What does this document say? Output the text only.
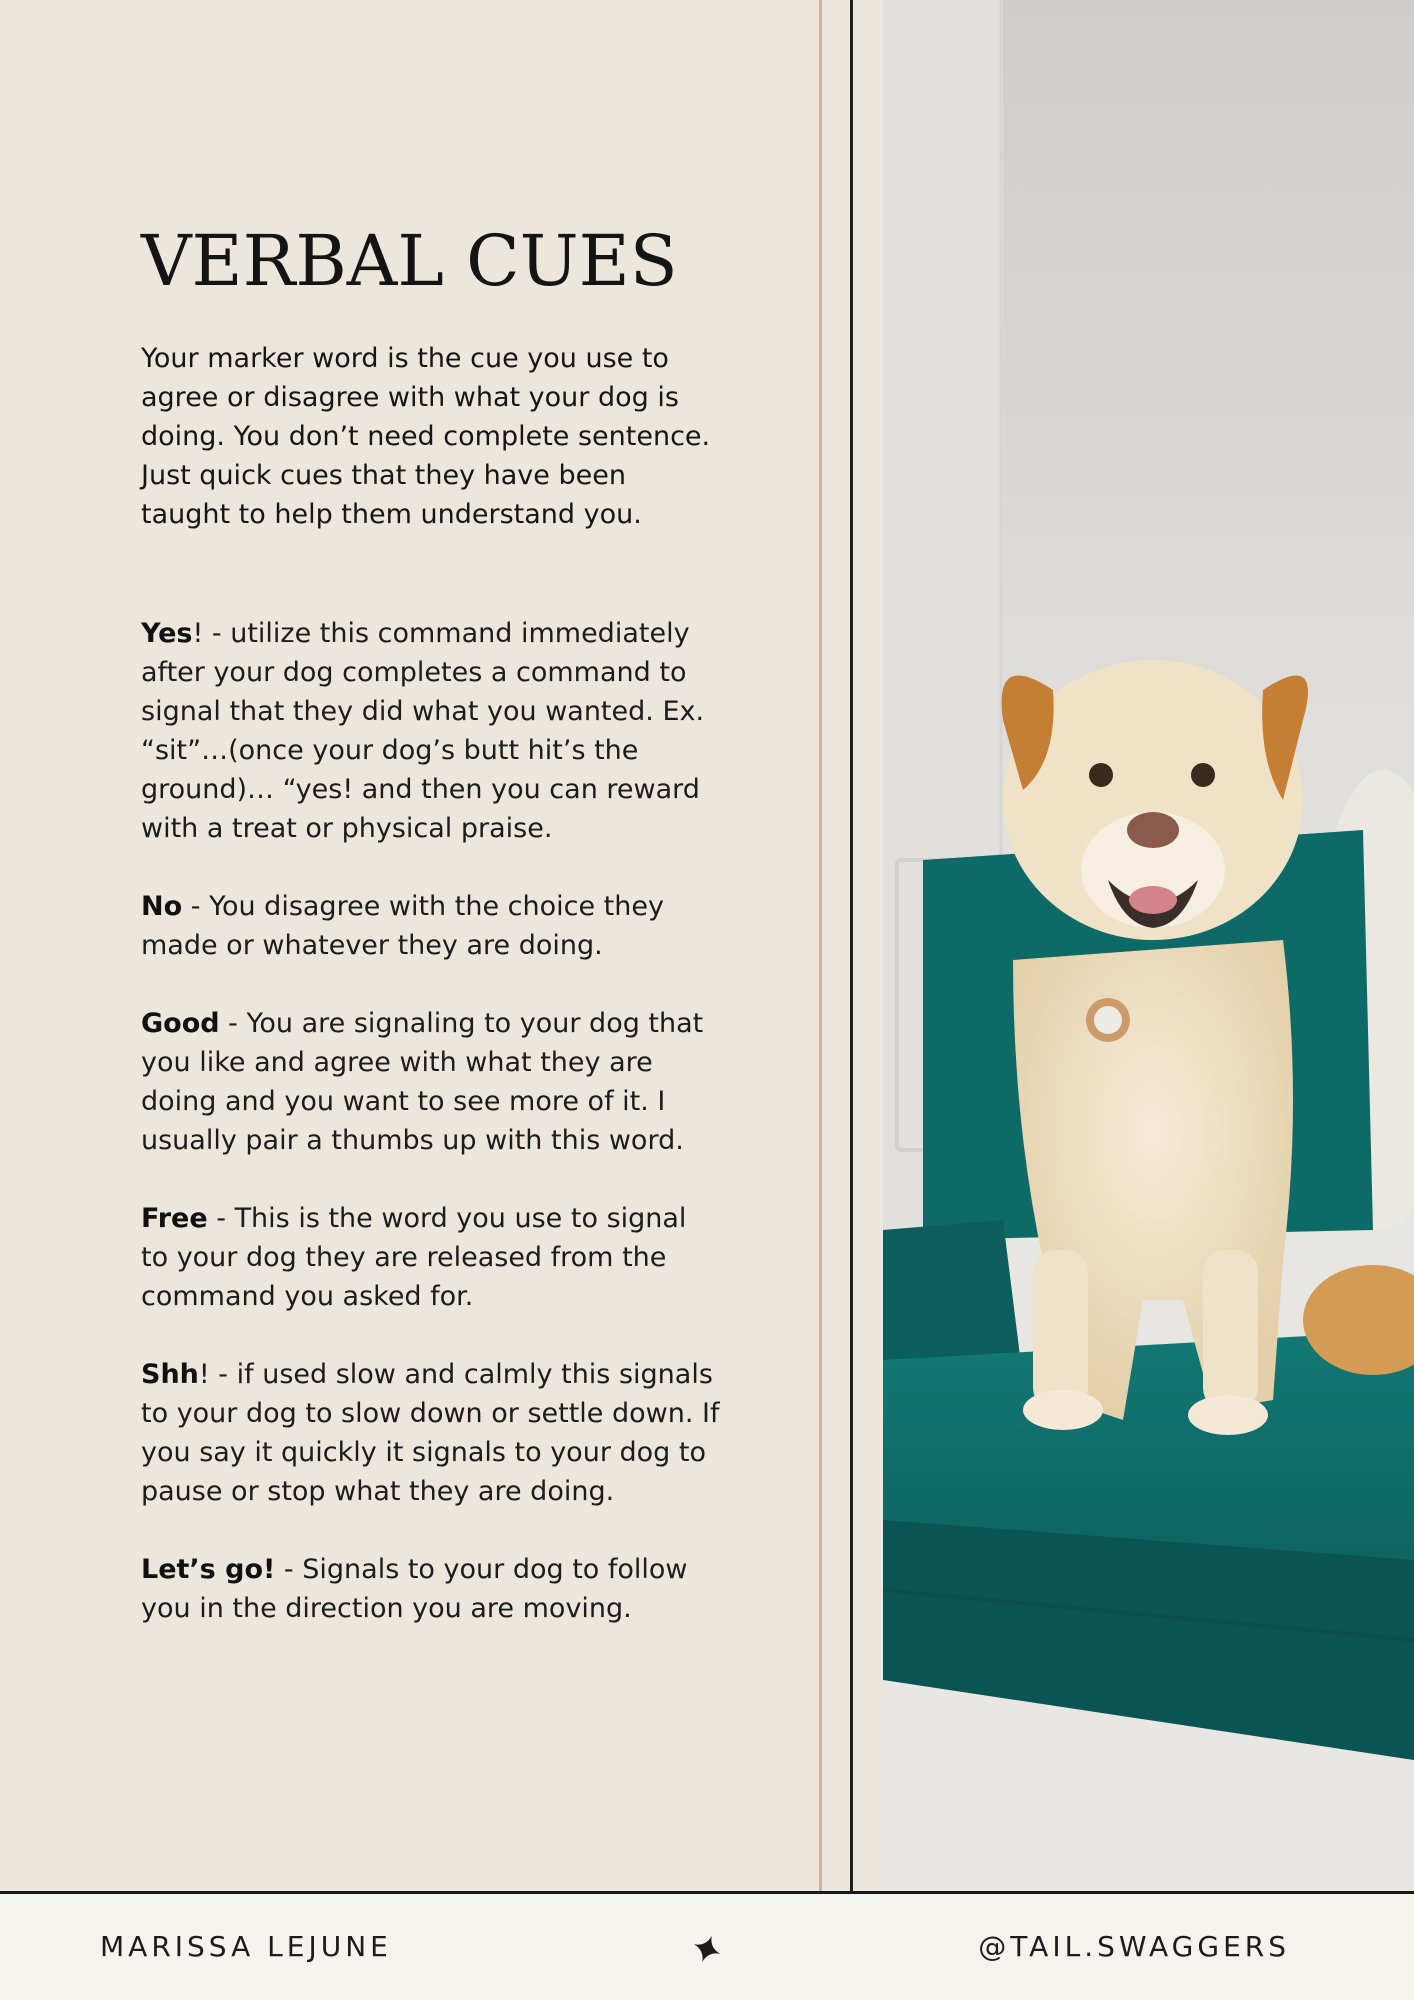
VERBAL CUES

Your marker word is the cue you use to agree or disagree with what your dog is doing. You don’t need complete sentence. Just quick cues that they have been taught to help them understand you.

Yes! - utilize this command immediately after your dog completes a command to signal that they did what you wanted. Ex. “sit”…(once your dog’s butt hit’s the ground)… “yes! and then you can reward with a treat or physical praise.

No - You disagree with the choice they made or whatever they are doing.

Good - You are signaling to your dog that you like and agree with what they are doing and you want to see more of it. I usually pair a thumbs up with this word.

Free - This is the word you use to signal to your dog they are released from the command you asked for.

Shh! - if used slow and calmly this signals to your dog to slow down or settle down. If you say it quickly it signals to your dog to pause or stop what they are doing.

Let’s go! - Signals to your dog to follow you in the direction you are moving.

MARISSA LEJUNE	@TAIL.SWAGGERS
